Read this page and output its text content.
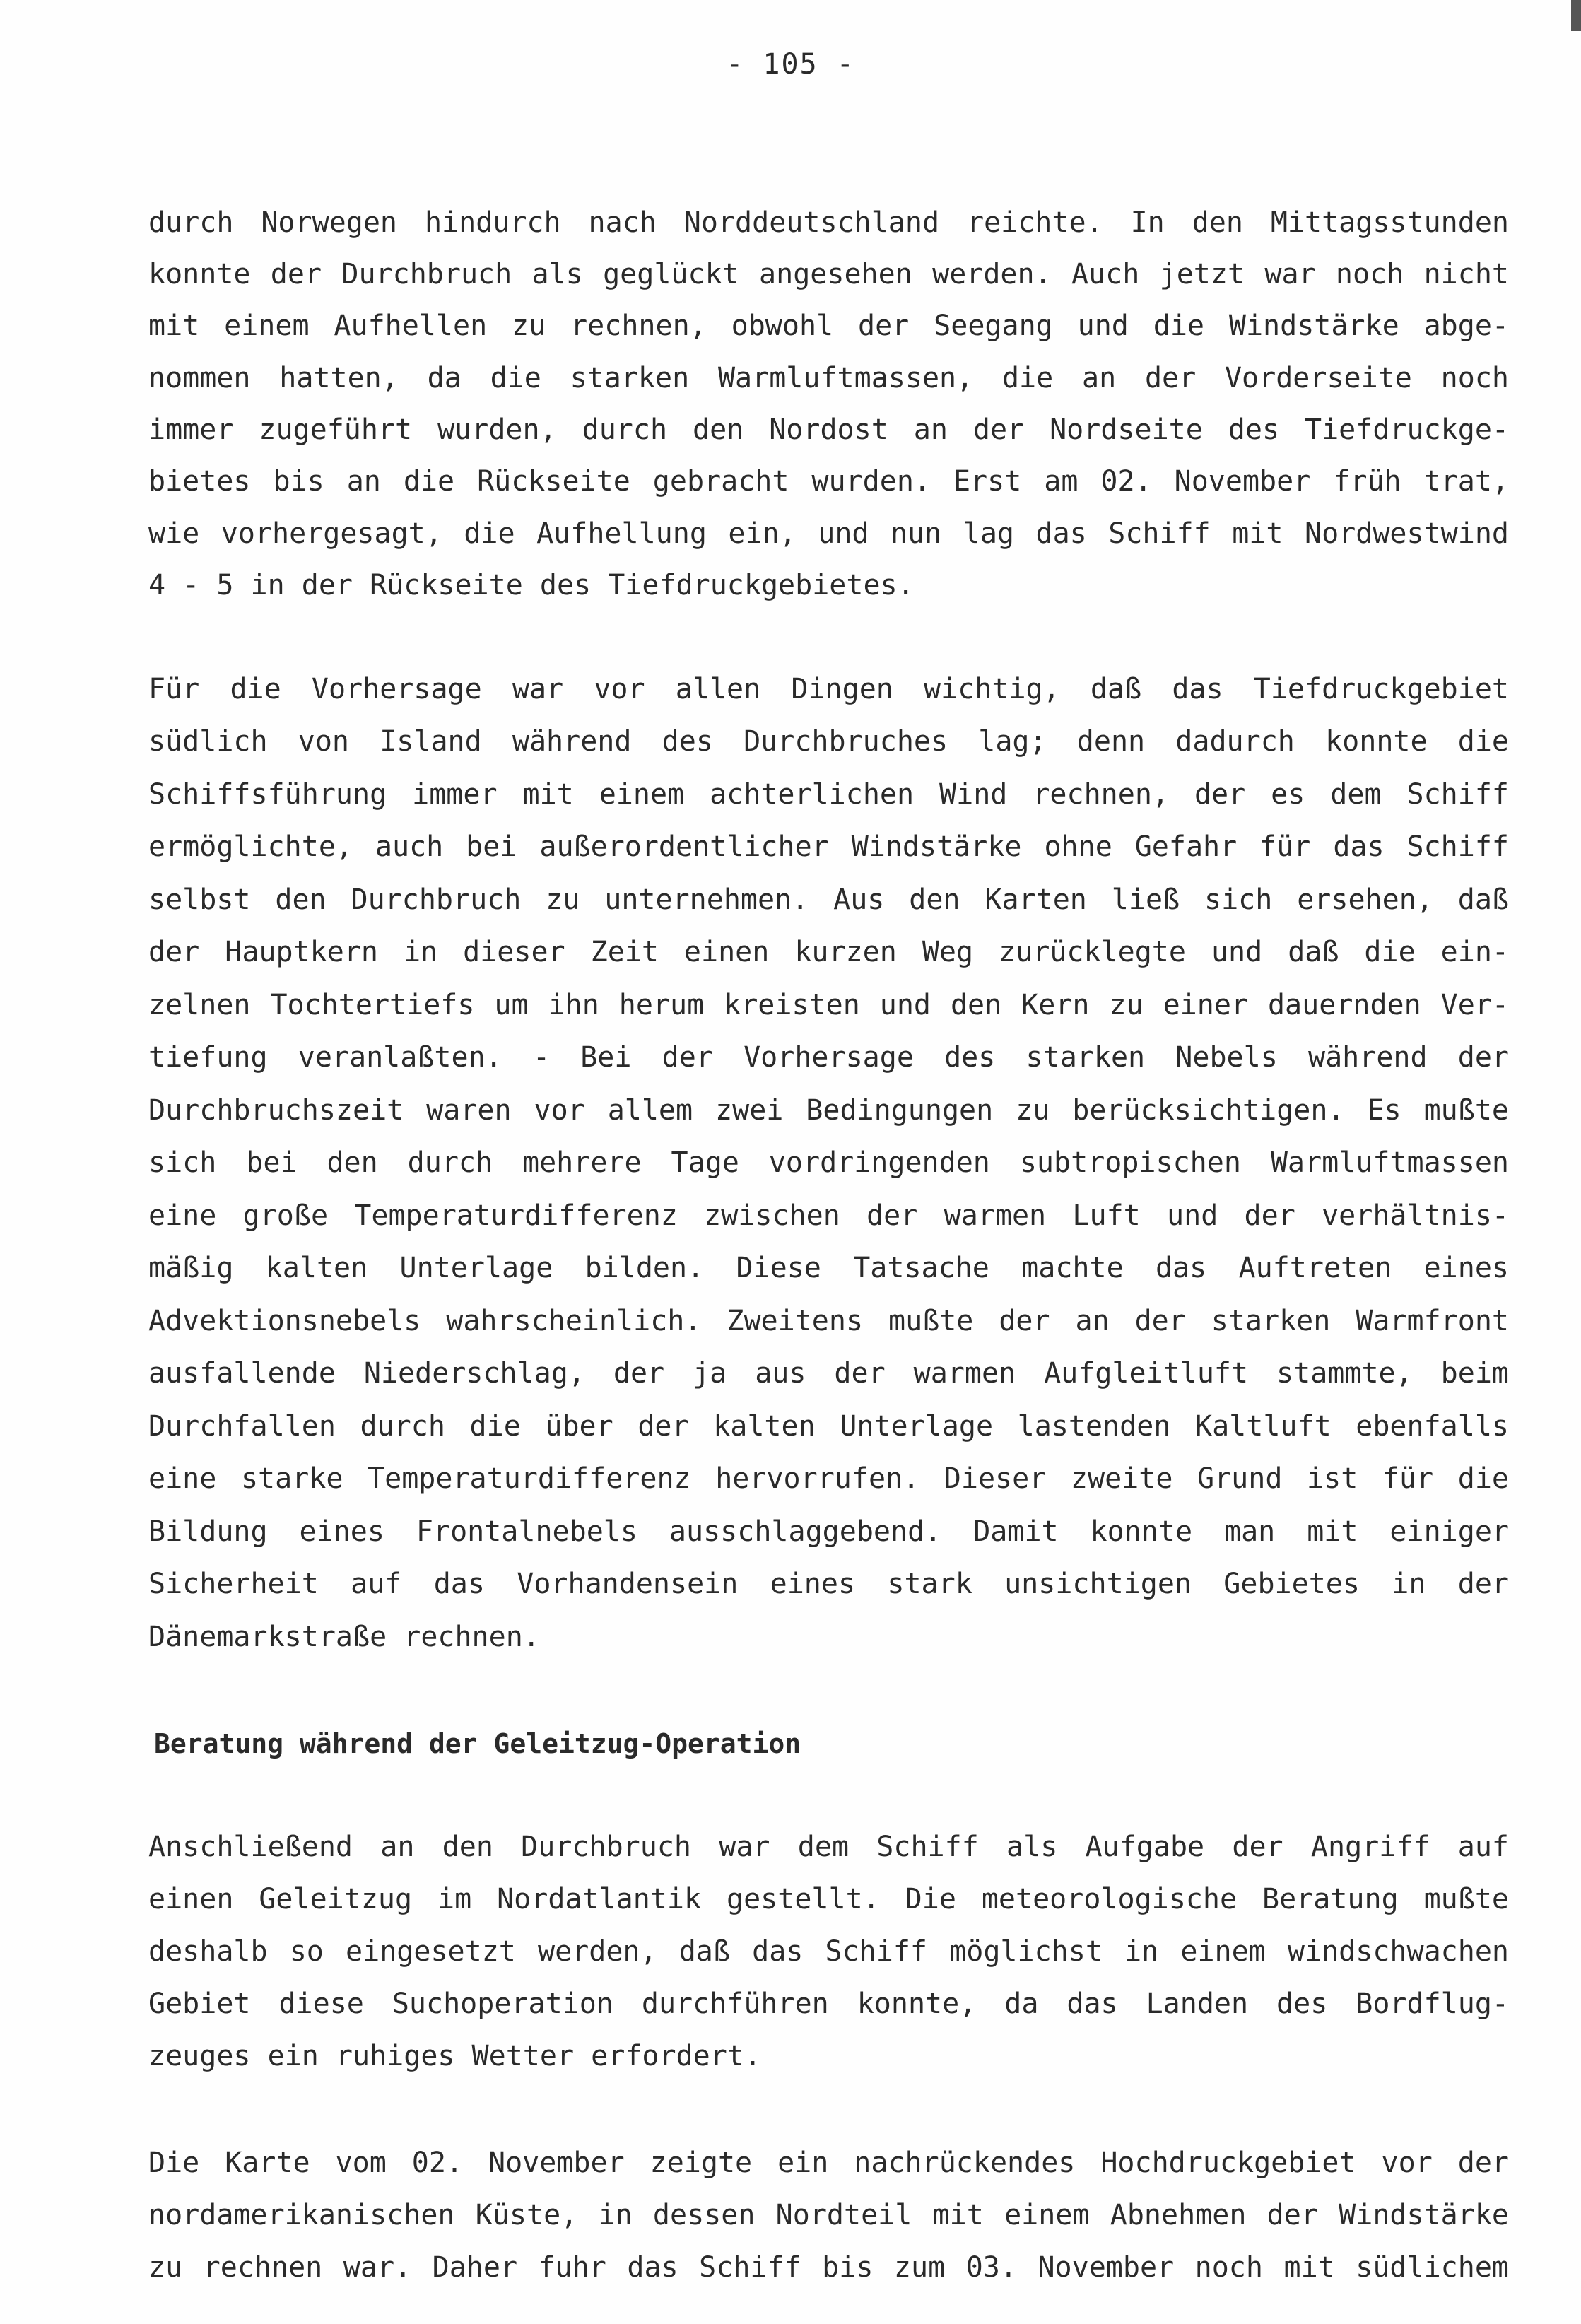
- 105 -
durch Norwegen hindurch nach Norddeutschland reichte. In den Mittagsstunden
konnte der Durchbruch als geglückt angesehen werden. Auch jetzt war noch nicht
mit einem Aufhellen zu rechnen, obwohl der Seegang und die Windstärke abge-
nommen hatten, da die starken Warmluftmassen, die an der Vorderseite noch
immer zugeführt wurden, durch den Nordost an der Nordseite des Tiefdruckge-
bietes bis an die Rückseite gebracht wurden. Erst am 02. November früh trat,
wie vorhergesagt, die Aufhellung ein, und nun lag das Schiff mit Nordwestwind
4 - 5 in der Rückseite des Tiefdruckgebietes.
Für die Vorhersage war vor allen Dingen wichtig, daß das Tiefdruckgebiet
südlich von Island während des Durchbruches lag; denn dadurch konnte die
Schiffsführung immer mit einem achterlichen Wind rechnen, der es dem Schiff
ermöglichte, auch bei außerordentlicher Windstärke ohne Gefahr für das Schiff
selbst den Durchbruch zu unternehmen. Aus den Karten ließ sich ersehen, daß
der Hauptkern in dieser Zeit einen kurzen Weg zurücklegte und daß die ein-
zelnen Tochtertiefs um ihn herum kreisten und den Kern zu einer dauernden Ver-
tiefung veranlaßten. - Bei der Vorhersage des starken Nebels während der
Durchbruchszeit waren vor allem zwei Bedingungen zu berücksichtigen. Es mußte
sich bei den durch mehrere Tage vordringenden subtropischen Warmluftmassen
eine große Temperaturdifferenz zwischen der warmen Luft und der verhältnis-
mäßig kalten Unterlage bilden. Diese Tatsache machte das Auftreten eines
Advektionsnebels wahrscheinlich. Zweitens mußte der an der starken Warmfront
ausfallende Niederschlag, der ja aus der warmen Aufgleitluft stammte, beim
Durchfallen durch die über der kalten Unterlage lastenden Kaltluft ebenfalls
eine starke Temperaturdifferenz hervorrufen. Dieser zweite Grund ist für die
Bildung eines Frontalnebels ausschlaggebend. Damit konnte man mit einiger
Sicherheit auf das Vorhandensein eines stark unsichtigen Gebietes in der
Dänemarkstraße rechnen.
Beratung während der Geleitzug-Operation
Anschließend an den Durchbruch war dem Schiff als Aufgabe der Angriff auf
einen Geleitzug im Nordatlantik gestellt. Die meteorologische Beratung mußte
deshalb so eingesetzt werden, daß das Schiff möglichst in einem windschwachen
Gebiet diese Suchoperation durchführen konnte, da das Landen des Bordflug-
zeuges ein ruhiges Wetter erfordert.
Die Karte vom 02. November zeigte ein nachrückendes Hochdruckgebiet vor der
nordamerikanischen Küste, in dessen Nordteil mit einem Abnehmen der Windstärke
zu rechnen war. Daher fuhr das Schiff bis zum 03. November noch mit südlichem
